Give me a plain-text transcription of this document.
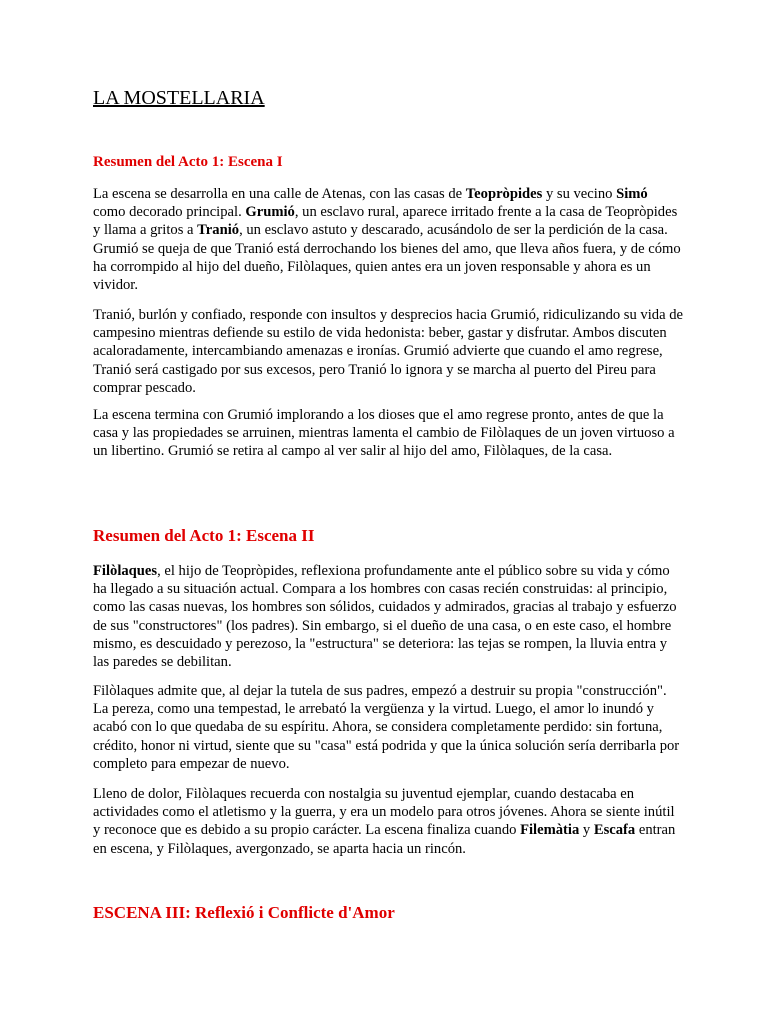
LA MOSTELLARIA
Resumen del Acto 1: Escena I

La escena se desarrolla en una calle de Atenas, con las casas de Teopròpides y su vecino Simó como decorado principal. Grumió, un esclavo rural, aparece irritado frente a la casa de Teopròpides y llama a gritos a Tranió, un esclavo astuto y descarado, acusándolo de ser la perdición de la casa. Grumió se queja de que Tranió está derrochando los bienes del amo, que lleva años fuera, y de cómo ha corrompido al hijo del dueño, Filòlaques, quien antes era un joven responsable y ahora es un vividor.

Tranió, burlón y confiado, responde con insultos y desprecios hacia Grumió, ridiculizando su vida de campesino mientras defiende su estilo de vida hedonista: beber, gastar y disfrutar. Ambos discuten acaloradamente, intercambiando amenazas e ironías. Grumió advierte que cuando el amo regrese, Tranió será castigado por sus excesos, pero Tranió lo ignora y se marcha al puerto del Pireu para comprar pescado.

La escena termina con Grumió implorando a los dioses que el amo regrese pronto, antes de que la casa y las propiedades se arruinen, mientras lamenta el cambio de Filòlaques de un joven virtuoso a un libertino. Grumió se retira al campo al ver salir al hijo del amo, Filòlaques, de la casa.

Resumen del Acto 1: Escena II

Filòlaques, el hijo de Teopròpides, reflexiona profundamente ante el público sobre su vida y cómo ha llegado a su situación actual. Compara a los hombres con casas recién construidas: al principio, como las casas nuevas, los hombres son sólidos, cuidados y admirados, gracias al trabajo y esfuerzo de sus "constructores" (los padres). Sin embargo, si el dueño de una casa, o en este caso, el hombre mismo, es descuidado y perezoso, la "estructura" se deteriora: las tejas se rompen, la lluvia entra y las paredes se debilitan.

Filòlaques admite que, al dejar la tutela de sus padres, empezó a destruir su propia "construcción". La pereza, como una tempestad, le arrebató la vergüenza y la virtud. Luego, el amor lo inundó y acabó con lo que quedaba de su espíritu. Ahora, se considera completamente perdido: sin fortuna, crédito, honor ni virtud, siente que su "casa" está podrida y que la única solución sería derribarla por completo para empezar de nuevo.

Lleno de dolor, Filòlaques recuerda con nostalgia su juventud ejemplar, cuando destacaba en actividades como el atletismo y la guerra, y era un modelo para otros jóvenes. Ahora se siente inútil y reconoce que es debido a su propio carácter. La escena finaliza cuando Filemàtia y Escafa entran en escena, y Filòlaques, avergonzado, se aparta hacia un rincón.

ESCENA III: Reflexió i Conflicte d'Amor
